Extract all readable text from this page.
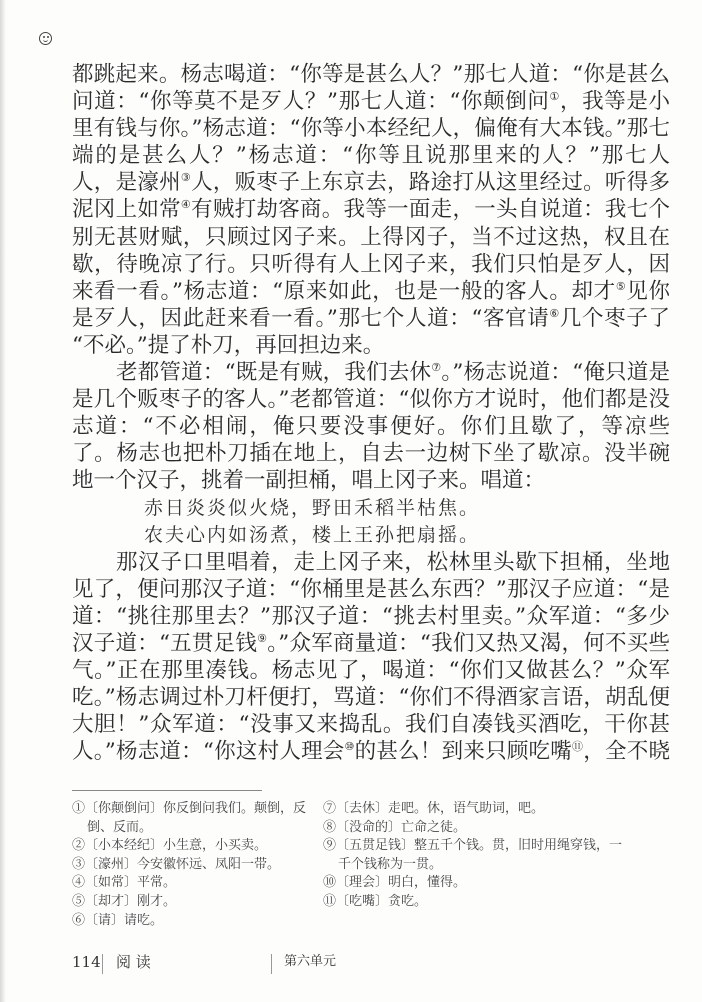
都跳起来。杨志喝道：“你等是甚么人？”那七人道：“你是甚么
问道：“你等莫不是歹人？”那七人道：“你颠倒问①，我等是小
里有钱与你。”杨志道：“你等小本经纪人，偏俺有大本钱。”那七
端的是甚么人？”杨志道：“你等且说那里来的人？”那七人
人，是濠州③人，贩枣子上东京去，路途打从这里经过。听得多
泥冈上如常④有贼打劫客商。我等一面走，一头自说道：我七个
别无甚财赋，只顾过冈子来。上得冈子，当不过这热，权且在
歇，待晚凉了行。只听得有人上冈子来，我们只怕是歹人，因
来看一看。”杨志道：“原来如此，也是一般的客人。却才⑤见你
是歹人，因此赶来看一看。”那七个人道：“客官请⑥几个枣子了
“不必。”提了朴刀，再回担边来。
老都管道：“既是有贼，我们去休⑦。”杨志说道：“俺只道是
是几个贩枣子的客人。”老都管道：“似你方才说时，他们都是没
志道：“不必相闹，俺只要没事便好。你们且歇了，等凉些
了。杨志也把朴刀插在地上，自去一边树下坐了歇凉。没半碗
地一个汉子，挑着一副担桶，唱上冈子来。唱道：
赤日炎炎似火烧，野田禾稻半枯焦。
农夫心内如汤煮，楼上王孙把扇摇。
那汉子口里唱着，走上冈子来，松林里头歇下担桶，坐地
见了，便问那汉子道：“你桶里是甚么东西？”那汉子应道：“是
道：“挑往那里去？”那汉子道：“挑去村里卖。”众军道：“多少
汉子道：“五贯足钱⑨。”众军商量道：“我们又热又渴，何不买些
气。”正在那里凑钱。杨志见了，喝道：“你们又做甚么？”众军
吃。”杨志调过朴刀杆便打，骂道：“你们不得酒家言语，胡乱便
大胆！”众军道：“没事又来捣乱。我们自凑钱买酒吃，干你甚
人。”杨志道：“你这村人理会⑩的甚么！到来只顾吃嘴⑪，全不晓
①〔你颠倒问〕你反倒问我们。颠倒，反倒、反而。
②〔小本经纪〕小生意，小买卖。
③〔濠州〕今安徽怀远、凤阳一带。
④〔如常〕平常。
⑤〔却才〕刚才。
⑥〔请〕请吃。
⑦〔去休〕走吧。休，语气助词，吧。
⑧〔没命的〕亡命之徒。
⑨〔五贯足钱〕整五千个钱。贯，旧时用绳穿钱，一千个钱称为一贯。
⑩〔理会〕明白，懂得。
⑪〔吃嘴〕贪吃。
114 阅 读	第六单元
